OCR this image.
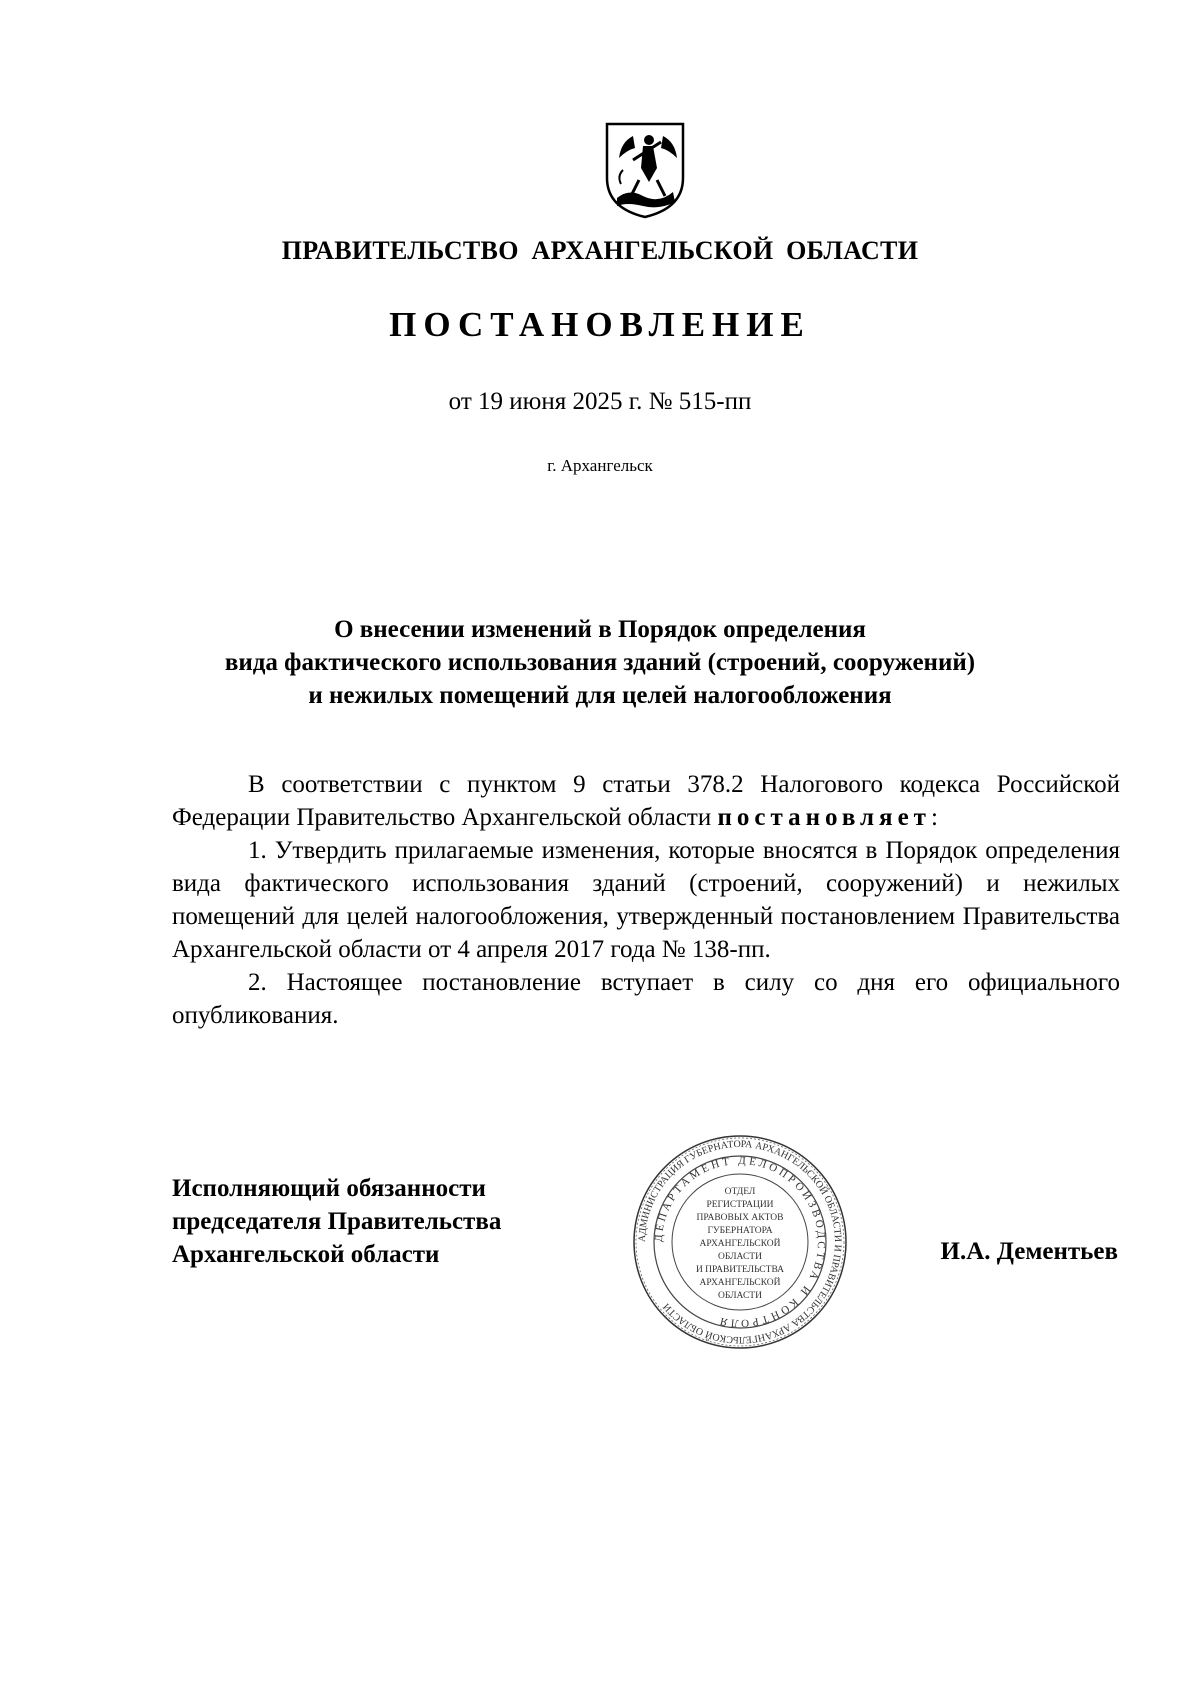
ПРАВИТЕЛЬСТВО АРХАНГЕЛЬСКОЙ ОБЛАСТИ
ПОСТАНОВЛЕНИЕ
от 19 июня 2025 г. № 515-пп
г. Архангельск
О внесении изменений в Порядок определения
вида фактического использования зданий (строений, сооружений)
и нежилых помещений для целей налогообложения

В соответствии с пунктом 9 статьи 378.2 Налогового кодекса Российской Федерации Правительство Архангельской области постановляет:

1. Утвердить прилагаемые изменения, которые вносятся в Порядок определения вида фактического использования зданий (строений, сооружений) и нежилых помещений для целей налогообложения, утвержденный постановлением Правительства Архангельской области от 4 апреля 2017 года № 138-пп.

2. Настоящее постановление вступает в силу со дня его официального опубликования.

Исполняющий обязанности
председателя Правительства
Архангельской области
АДМИНИСТРАЦИЯ ГУБЕРНАТОРА АРХАНГЕЛЬСКОЙ ОБЛАСТИ И ПРАВИТЕЛЬСТВА АРХАНГЕЛЬСКОЙ ОБЛАСТИ
ДЕПАРТАМЕНТ ДЕЛОПРОИЗВОДСТВА И КОНТРОЛЯ
ОТДЕЛ
РЕГИСТРАЦИИ
ПРАВОВЫХ АКТОВ
ГУБЕРНАТОРА
АРХАНГЕЛЬСКОЙ
ОБЛАСТИ
И ПРАВИТЕЛЬСТВА
АРХАНГЕЛЬСКОЙ
ОБЛАСТИ
И.А. Дементьев
